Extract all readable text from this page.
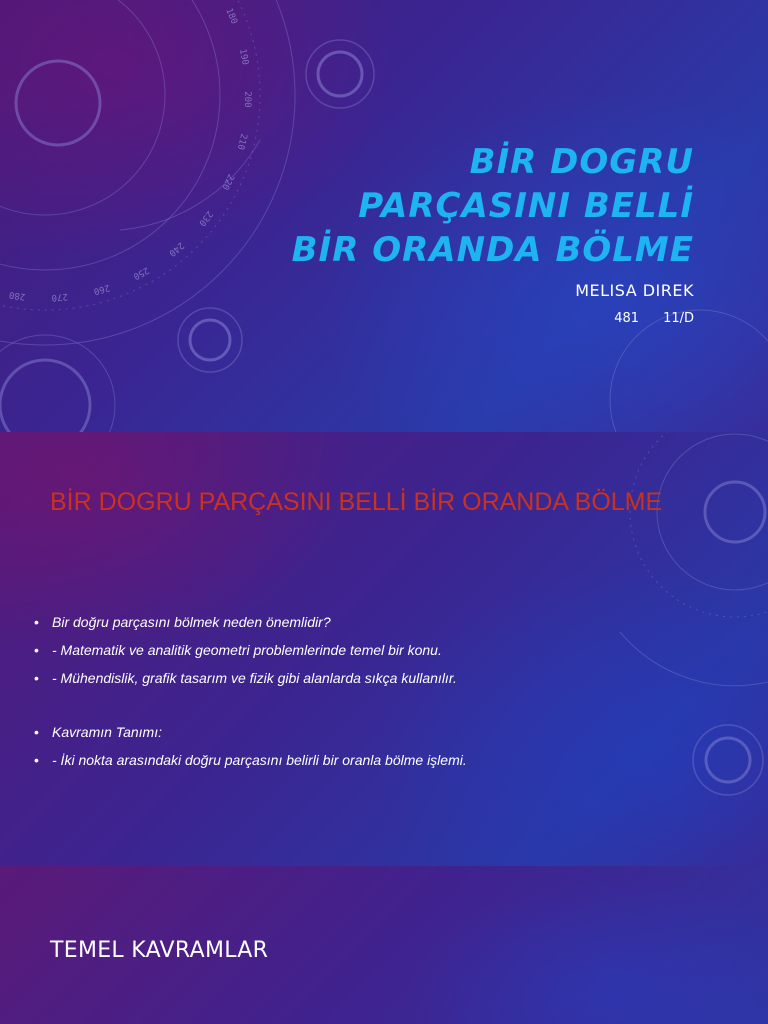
180
190
200
210
220
230
240
250
260
270
280
BİR DOGRU
PARÇASINI BELLİ
BİR ORANDA BÖLME
MELISA DIREK
481 11/D
BİR DOGRU PARÇASINI BELLİ BİR ORANDA BÖLME
• Bir doğru parçasını bölmek neden önemlidir?
• - Matematik ve analitik geometri problemlerinde temel bir konu.
• - Mühendislik, grafik tasarım ve fizik gibi alanlarda sıkça kullanılır.
• Kavramın Tanımı:
• - İki nokta arasındaki doğru parçasını belirli bir oranla bölme işlemi.
TEMEL KAVRAMLAR
